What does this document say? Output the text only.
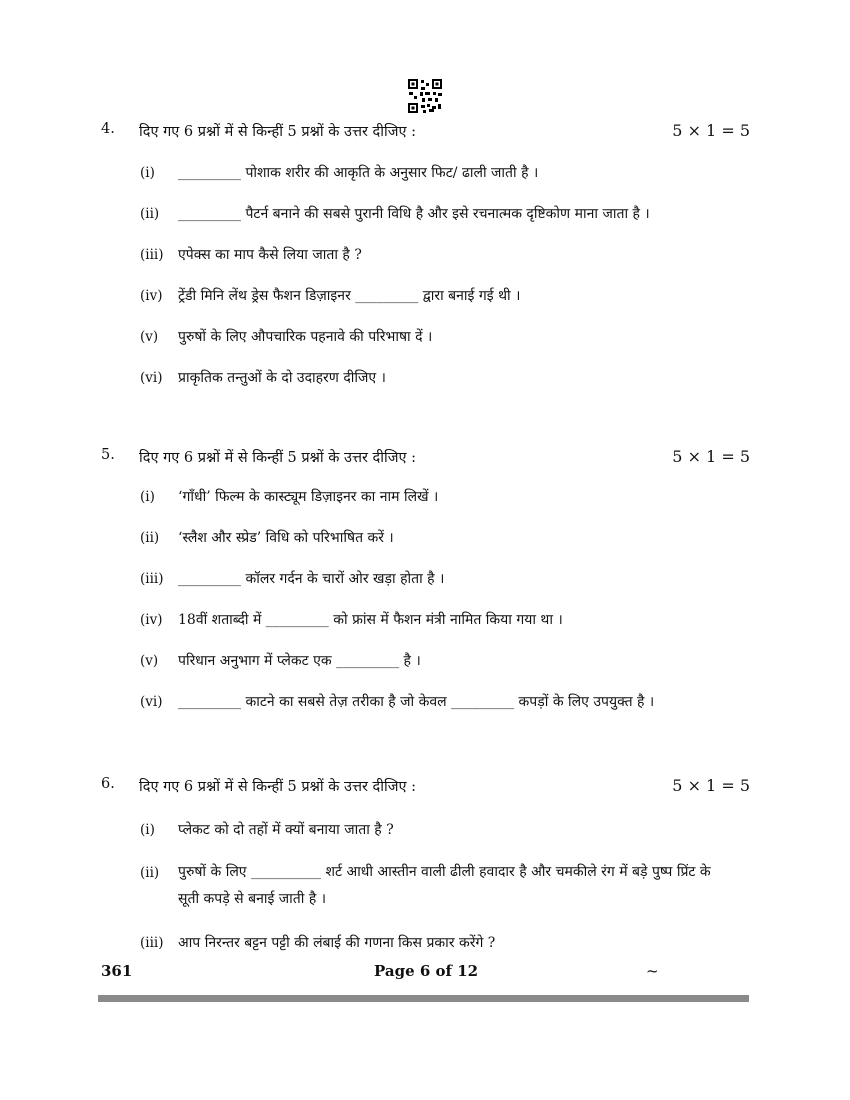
4. दिए गए 6 प्रश्नों में से किन्हीं 5 प्रश्नों के उत्तर दीजिए :	5 × 1 = 5
(i) _________ पोशाक शरीर की आकृति के अनुसार फिट/ ढाली जाती है ।
(ii) _________ पैटर्न बनाने की सबसे पुरानी विधि है और इसे रचनात्मक दृष्टिकोण माना जाता है ।
(iii) एपेक्स का माप कैसे लिया जाता है ?
(iv) ट्रेंडी मिनि लेंथ ड्रेस फैशन डिज़ाइनर _________ द्वारा बनाई गई थी ।
(v) पुरुषों के लिए औपचारिक पहनावे की परिभाषा दें ।
(vi) प्राकृतिक तन्तुओं के दो उदाहरण दीजिए ।
5. दिए गए 6 प्रश्नों में से किन्हीं 5 प्रश्नों के उत्तर दीजिए :	5 × 1 = 5
(i) ‘गाँधी’ फिल्म के कास्ट्यूम डिज़ाइनर का नाम लिखें ।
(ii) ‘स्लैश और स्प्रेड’ विधि को परिभाषित करें ।
(iii) _________ कॉलर गर्दन के चारों ओर खड़ा होता है ।
(iv) 18वीं शताब्दी में _________ को फ्रांस में फैशन मंत्री नामित किया गया था ।
(v) परिधान अनुभाग में प्लेकट एक _________ है ।
(vi) _________ काटने का सबसे तेज़ तरीका है जो केवल _________ कपड़ों के लिए उपयुक्त है ।
6. दिए गए 6 प्रश्नों में से किन्हीं 5 प्रश्नों के उत्तर दीजिए :	5 × 1 = 5
(i) प्लेकट को दो तहों में क्यों बनाया जाता है ?
(ii) पुरुषों के लिए __________ शर्ट आधी आस्तीन वाली ढीली हवादार है और चमकीले रंग में बड़े पुष्प प्रिंट के सूती कपड़े से बनाई जाती है ।
(iii) आप निरन्तर बट्टन पट्टी की लंबाई की गणना किस प्रकार करेंगे ?
361	Page 6 of 12	~
